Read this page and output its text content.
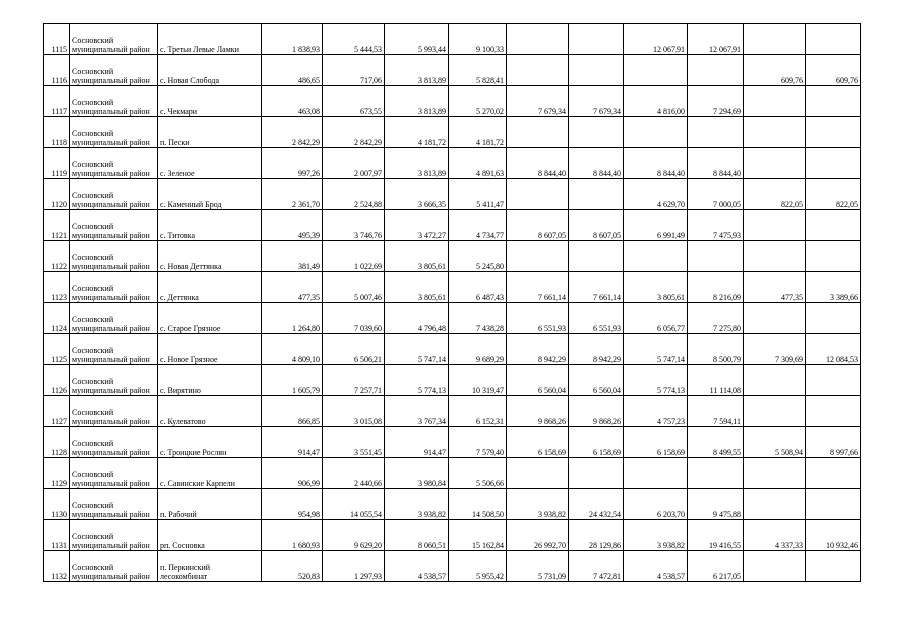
1115	Сосновский муниципальный район	с. Третьи Левые Ламки	1 838,93	5 444,53	5 993,44	9 100,33			12 067,91	12 067,91		
1116	Сосновский муниципальный район	с. Новая Слобода	486,65	717,06	3 813,89	5 828,41					609,76	609,76
1117	Сосновский муниципальный район	с. Чекмари	463,08	673,55	3 813,89	5 270,02	7 679,34	7 679,34	4 816,00	7 294,69		
1118	Сосновский муниципальный район	п. Пески	2 842,29	2 842,29	4 181,72	4 181,72						
1119	Сосновский муниципальный район	с. Зеленое	997,26	2 007,97	3 813,89	4 891,63	8 844,40	8 844,40	8 844,40	8 844,40		
1120	Сосновский муниципальный район	с. Каменный Брод	2 361,70	2 524,88	3 666,35	5 411,47			4 629,70	7 000,05	822,05	822,05
1121	Сосновский муниципальный район	с. Титовка	495,39	3 746,76	3 472,27	4 734,77	8 607,05	8 607,05	6 991,49	7 475,93		
1122	Сосновский муниципальный район	с. Новая Деттянка	381,49	1 022,69	3 805,61	5 245,80						
1123	Сосновский муниципальный район	с. Деттянка	477,35	5 007,46	3 805,61	6 487,43	7 661,14	7 661,14	3 805,61	8 216,09	477,35	3 389,66
1124	Сосновский муниципальный район	с. Старое Грязное	1 264,80	7 039,60	4 796,48	7 438,28	6 551,93	6 551,93	6 056,77	7 275,80		
1125	Сосновский муниципальный район	с. Новое Грязное	4 809,10	6 506,21	5 747,14	9 689,29	8 942,29	8 942,29	5 747,14	8 500,79	7 309,69	12 084,53
1126	Сосновский муниципальный район	с. Вирятино	1 605,79	7 257,71	5 774,13	10 319,47	6 560,04	6 560,04	5 774,13	11 114,08		
1127	Сосновский муниципальный район	с. Кулеватово	866,85	3 015,08	3 767,34	6 152,31	9 868,26	9 868,26	4 757,23	7 594,11		
1128	Сосновский муниципальный район	с. Троицкие Рослян	914,47	3 551,45	914,47	7 579,40	6 158,69	6 158,69	6 158,69	8 499,55	5 508,94	8 997,66
1129	Сосновский муниципальный район	с. Савинские Карпели	906,99	2 440,66	3 980,84	5 506,66						
1130	Сосновский муниципальный район	п. Рабочий	954,98	14 055,54	3 938,82	14 508,50	3 938,82	24 432,54	6 203,70	9 475,88		
1131	Сосновский муниципальный район	рп. Сосновка	1 680,93	9 629,20	8 060,51	15 162,84	26 992,70	28 129,86	3 938,82	19 416,55	4 337,33	10 932,46
1132	Сосновский муниципальный район	п. Перкинский лесокомбинат	520,83	1 297,93	4 538,57	5 955,42	5 731,09	7 472,81	4 538,57	6 217,05		
